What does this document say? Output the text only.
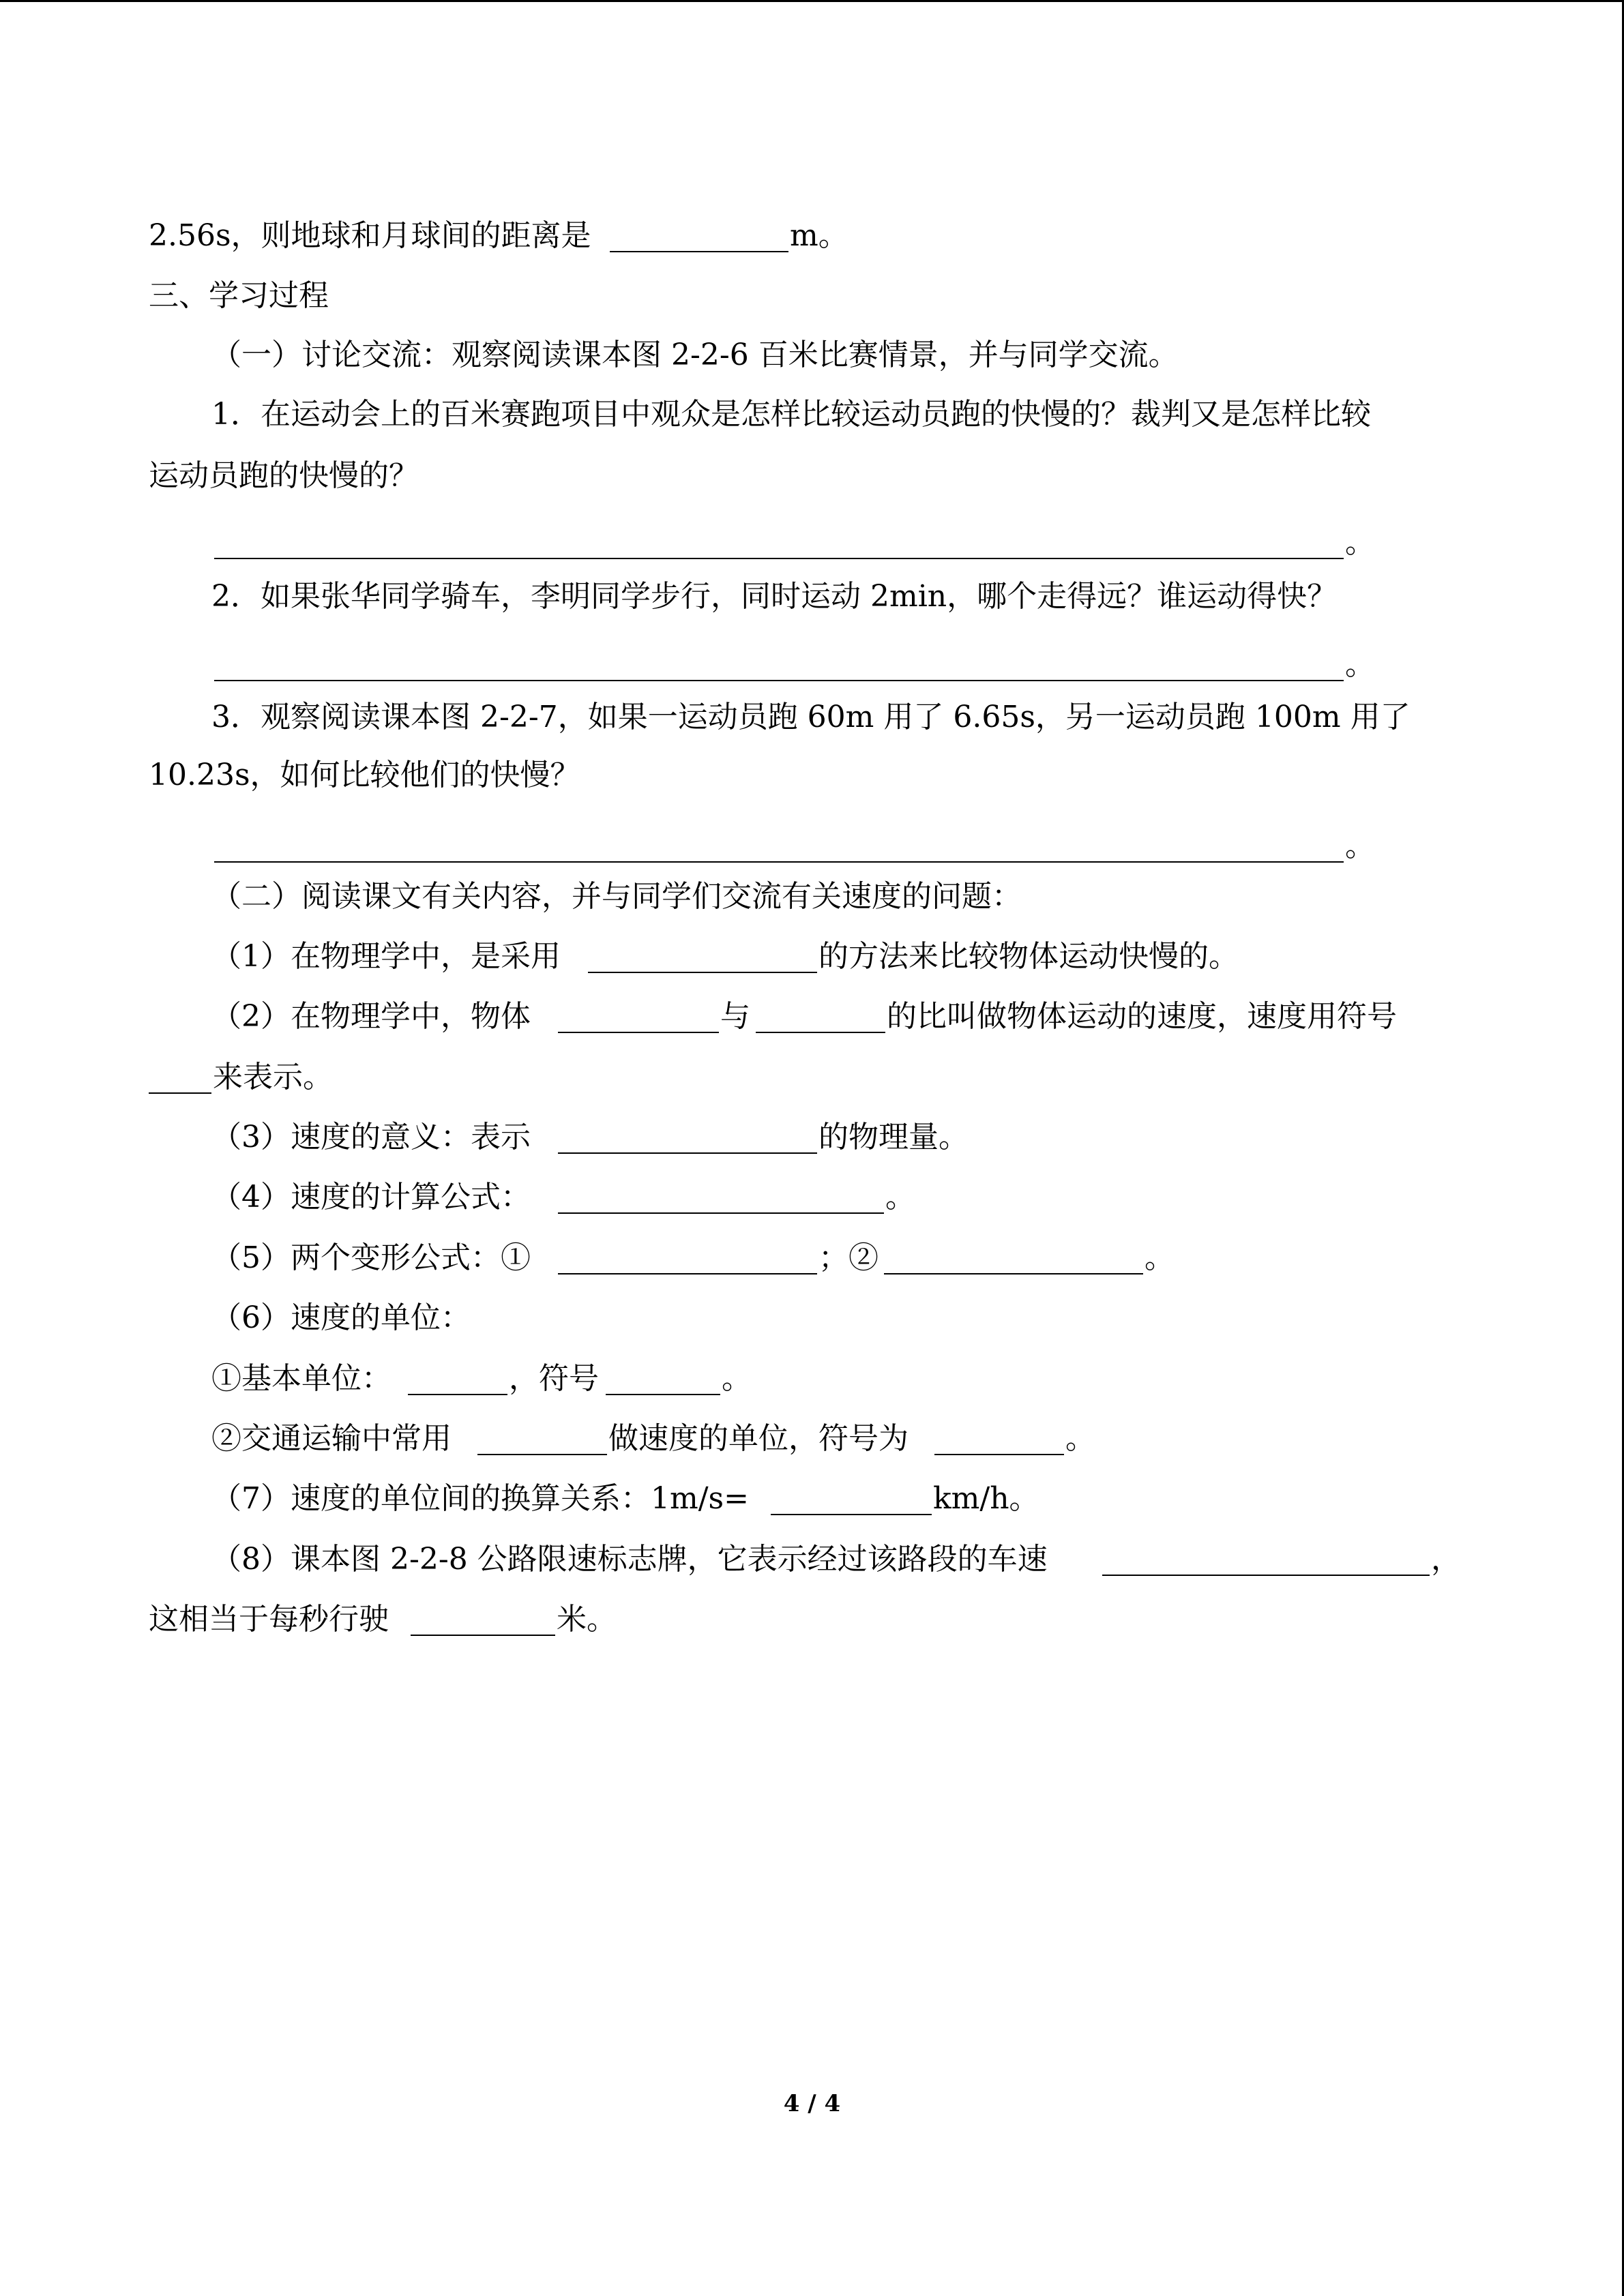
2.56s，则地球和月球间的距离是	m。
三、学习过程
（一）讨论交流：观察阅读课本图 2-2-6 百米比赛情景，并与同学交流。
1．在运动会上的百米赛跑项目中观众是怎样比较运动员跑的快慢的？裁判又是怎样比较
运动员跑的快慢的？
。
2．如果张华同学骑车，李明同学步行，同时运动 2min，哪个走得远？谁运动得快？
。
3．观察阅读课本图 2-2-7，如果一运动员跑 60m 用了 6.65s，另一运动员跑 100m 用了
10.23s，如何比较他们的快慢？
。
（二）阅读课文有关内容，并与同学们交流有关速度的问题：
（1）在物理学中，是采用	的方法来比较物体运动快慢的。
（2）在物理学中，物体	与	的比叫做物体运动的速度，速度用符号
来表示。
（3）速度的意义：表示	的物理量。
（4）速度的计算公式：	。
（5）两个变形公式：①	；②	。
（6）速度的单位：
①基本单位：	，符号	。
②交通运输中常用	做速度的单位，符号为	。
（7）速度的单位间的换算关系：1m/s=	km/h。
（8）课本图 2-2-8 公路限速标志牌，它表示经过该路段的车速	，
这相当于每秒行驶	米。
4 / 4
